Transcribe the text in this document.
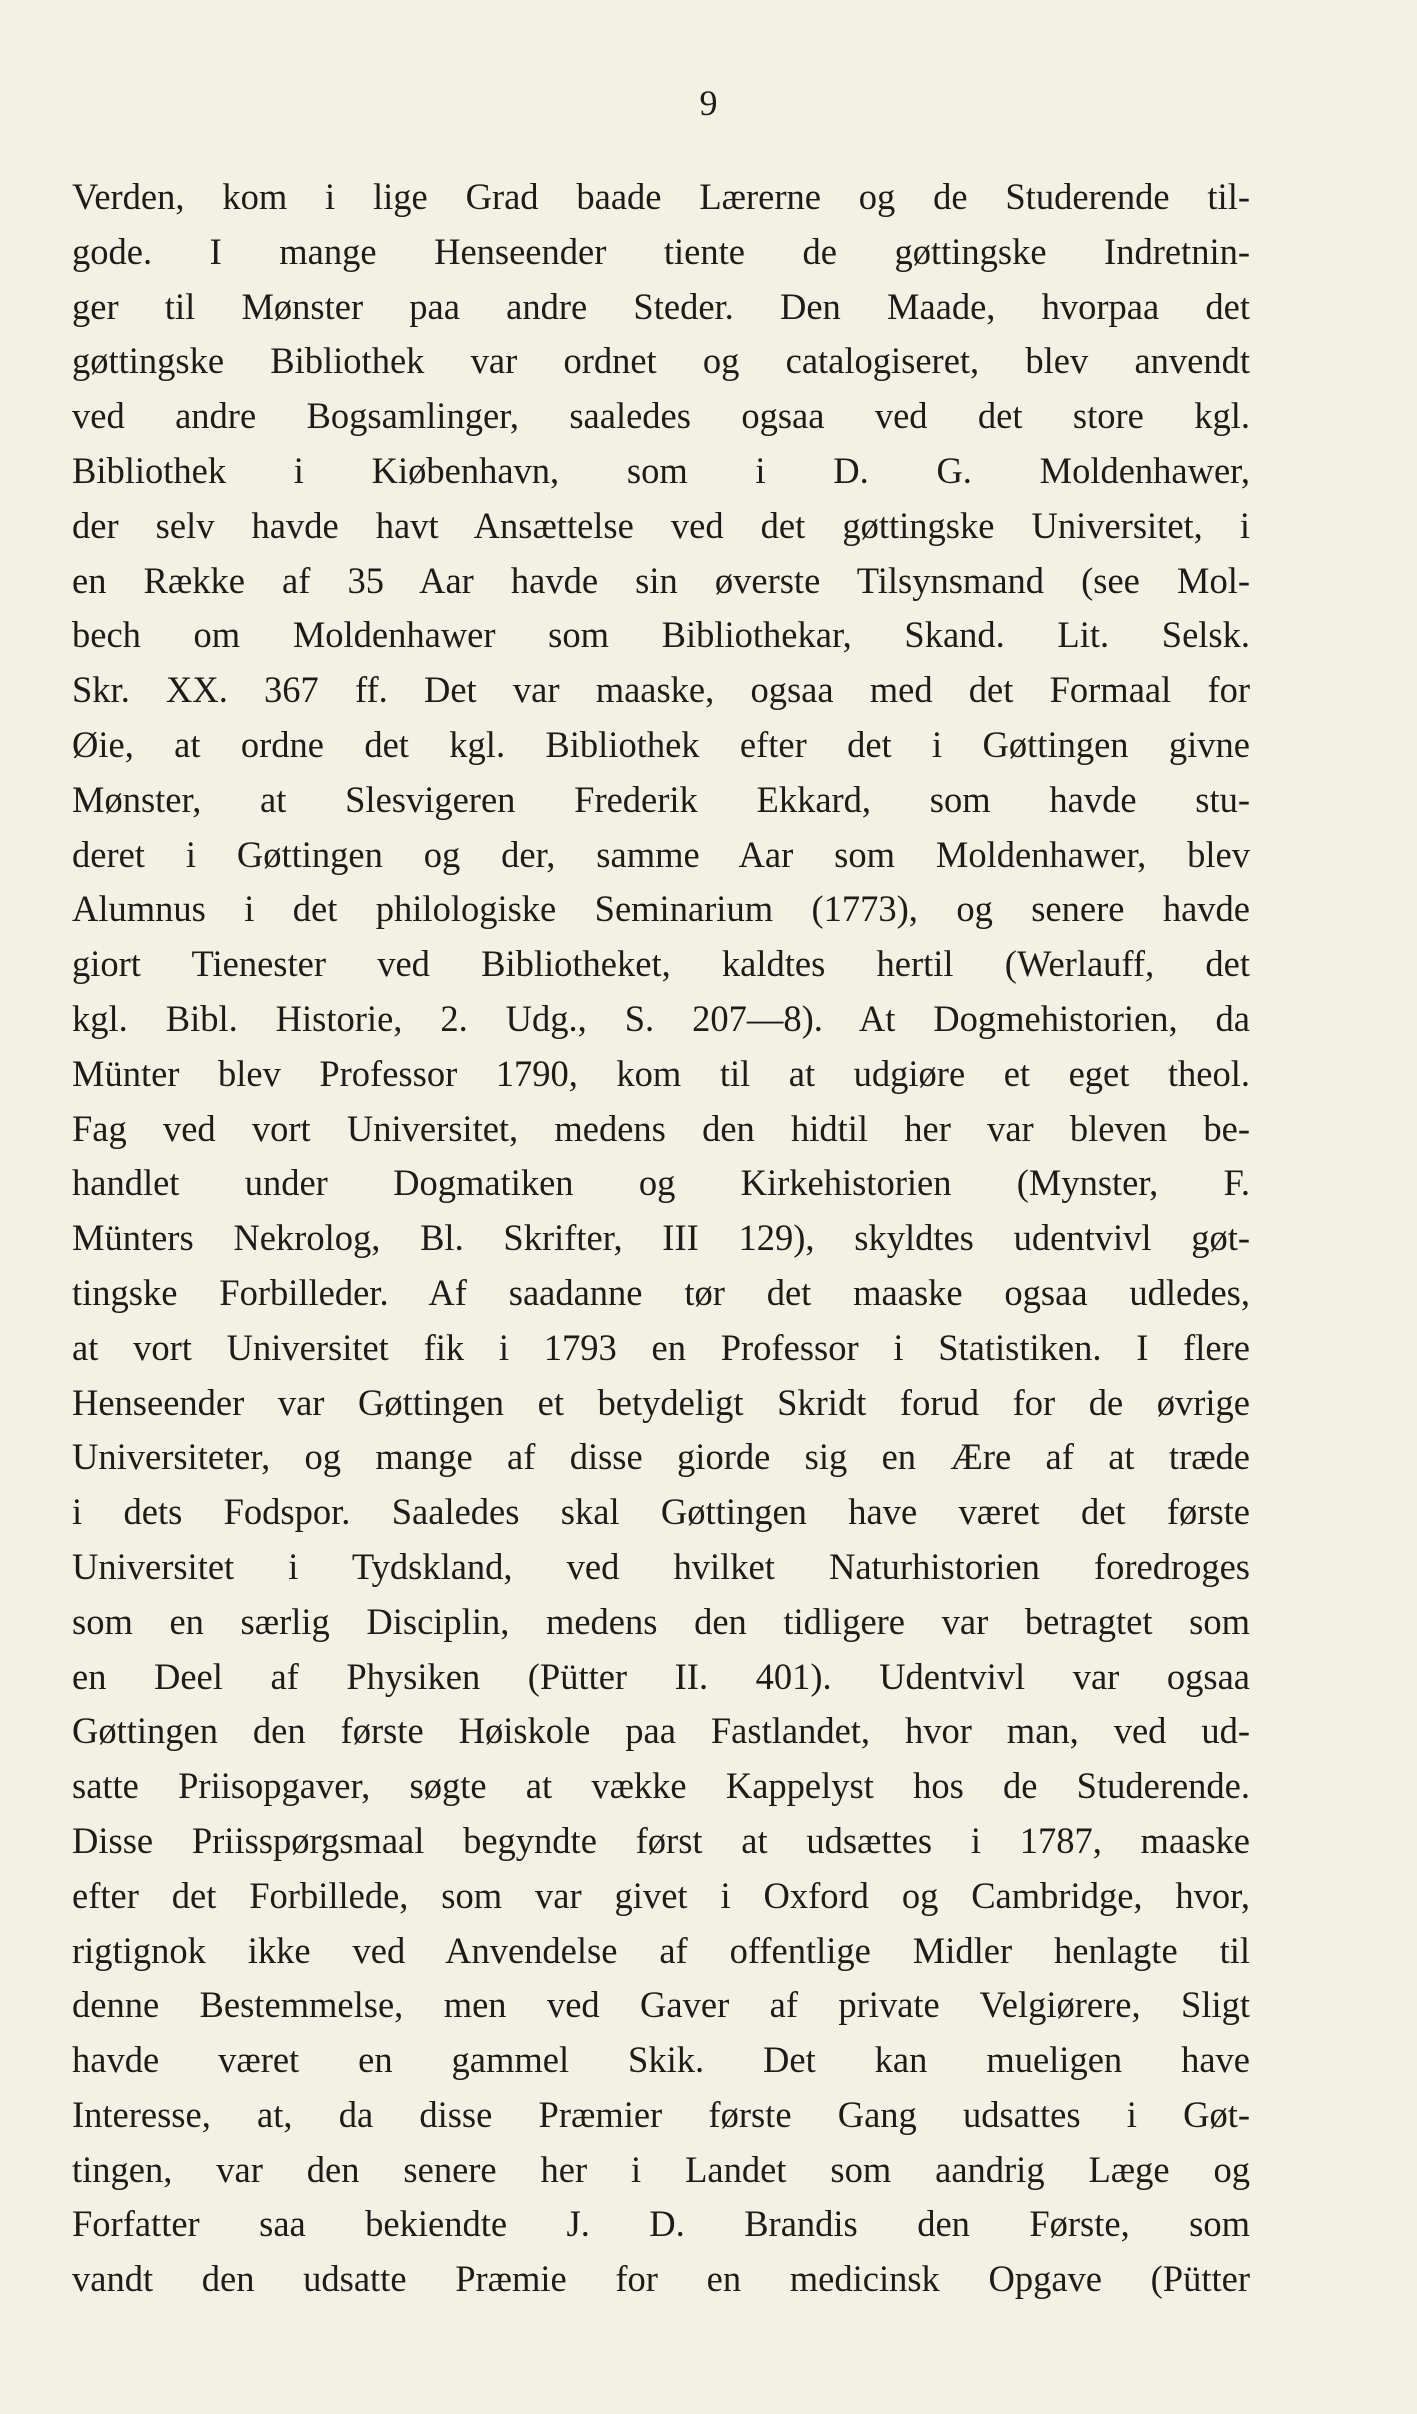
9
Verden, kom i lige Grad baade Lærerne og de Studerende til-
gode. I mange Henseender tiente de gøttingske Indretnin-
ger til Mønster paa andre Steder. Den Maade, hvorpaa det
gøttingske Bibliothek var ordnet og catalogiseret, blev anvendt
ved andre Bogsamlinger, saaledes ogsaa ved det store kgl.
Bibliothek i Kiøbenhavn, som i D. G. Moldenhawer,
der selv havde havt Ansættelse ved det gøttingske Universitet, i
en Række af 35 Aar havde sin øverste Tilsynsmand (see Mol-
bech om Moldenhawer som Bibliothekar, Skand. Lit. Selsk.
Skr. XX. 367 ff. Det var maaske, ogsaa med det Formaal for
Øie, at ordne det kgl. Bibliothek efter det i Gøttingen givne
Mønster, at Slesvigeren Frederik Ekkard, som havde stu-
deret i Gøttingen og der, samme Aar som Moldenhawer, blev
Alumnus i det philologiske Seminarium (1773), og senere havde
giort Tienester ved Bibliotheket, kaldtes hertil (Werlauff, det
kgl. Bibl. Historie, 2. Udg., S. 207—8). At Dogmehistorien, da
Münter blev Professor 1790, kom til at udgiøre et eget theol.
Fag ved vort Universitet, medens den hidtil her var bleven be-
handlet under Dogmatiken og Kirkehistorien (Mynster, F.
Münters Nekrolog, Bl. Skrifter, III 129), skyldtes udentvivl gøt-
tingske Forbilleder. Af saadanne tør det maaske ogsaa udledes,
at vort Universitet fik i 1793 en Professor i Statistiken. I flere
Henseender var Gøttingen et betydeligt Skridt forud for de øvrige
Universiteter, og mange af disse giorde sig en Ære af at træde
i dets Fodspor. Saaledes skal Gøttingen have været det første
Universitet i Tydskland, ved hvilket Naturhistorien foredroges
som en særlig Disciplin, medens den tidligere var betragtet som
en Deel af Physiken (Pütter II. 401). Udentvivl var ogsaa
Gøttingen den første Høiskole paa Fastlandet, hvor man, ved ud-
satte Priisopgaver, søgte at vække Kappelyst hos de Studerende.
Disse Priisspørgsmaal begyndte først at udsættes i 1787, maaske
efter det Forbillede, som var givet i Oxford og Cambridge, hvor,
rigtignok ikke ved Anvendelse af offentlige Midler henlagte til
denne Bestemmelse, men ved Gaver af private Velgiørere, Sligt
havde været en gammel Skik. Det kan mueligen have
Interesse, at, da disse Præmier første Gang udsattes i Gøt-
tingen, var den senere her i Landet som aandrig Læge og
Forfatter saa bekiendte J. D. Brandis den Første, som
vandt den udsatte Præmie for en medicinsk Opgave (Pütter
